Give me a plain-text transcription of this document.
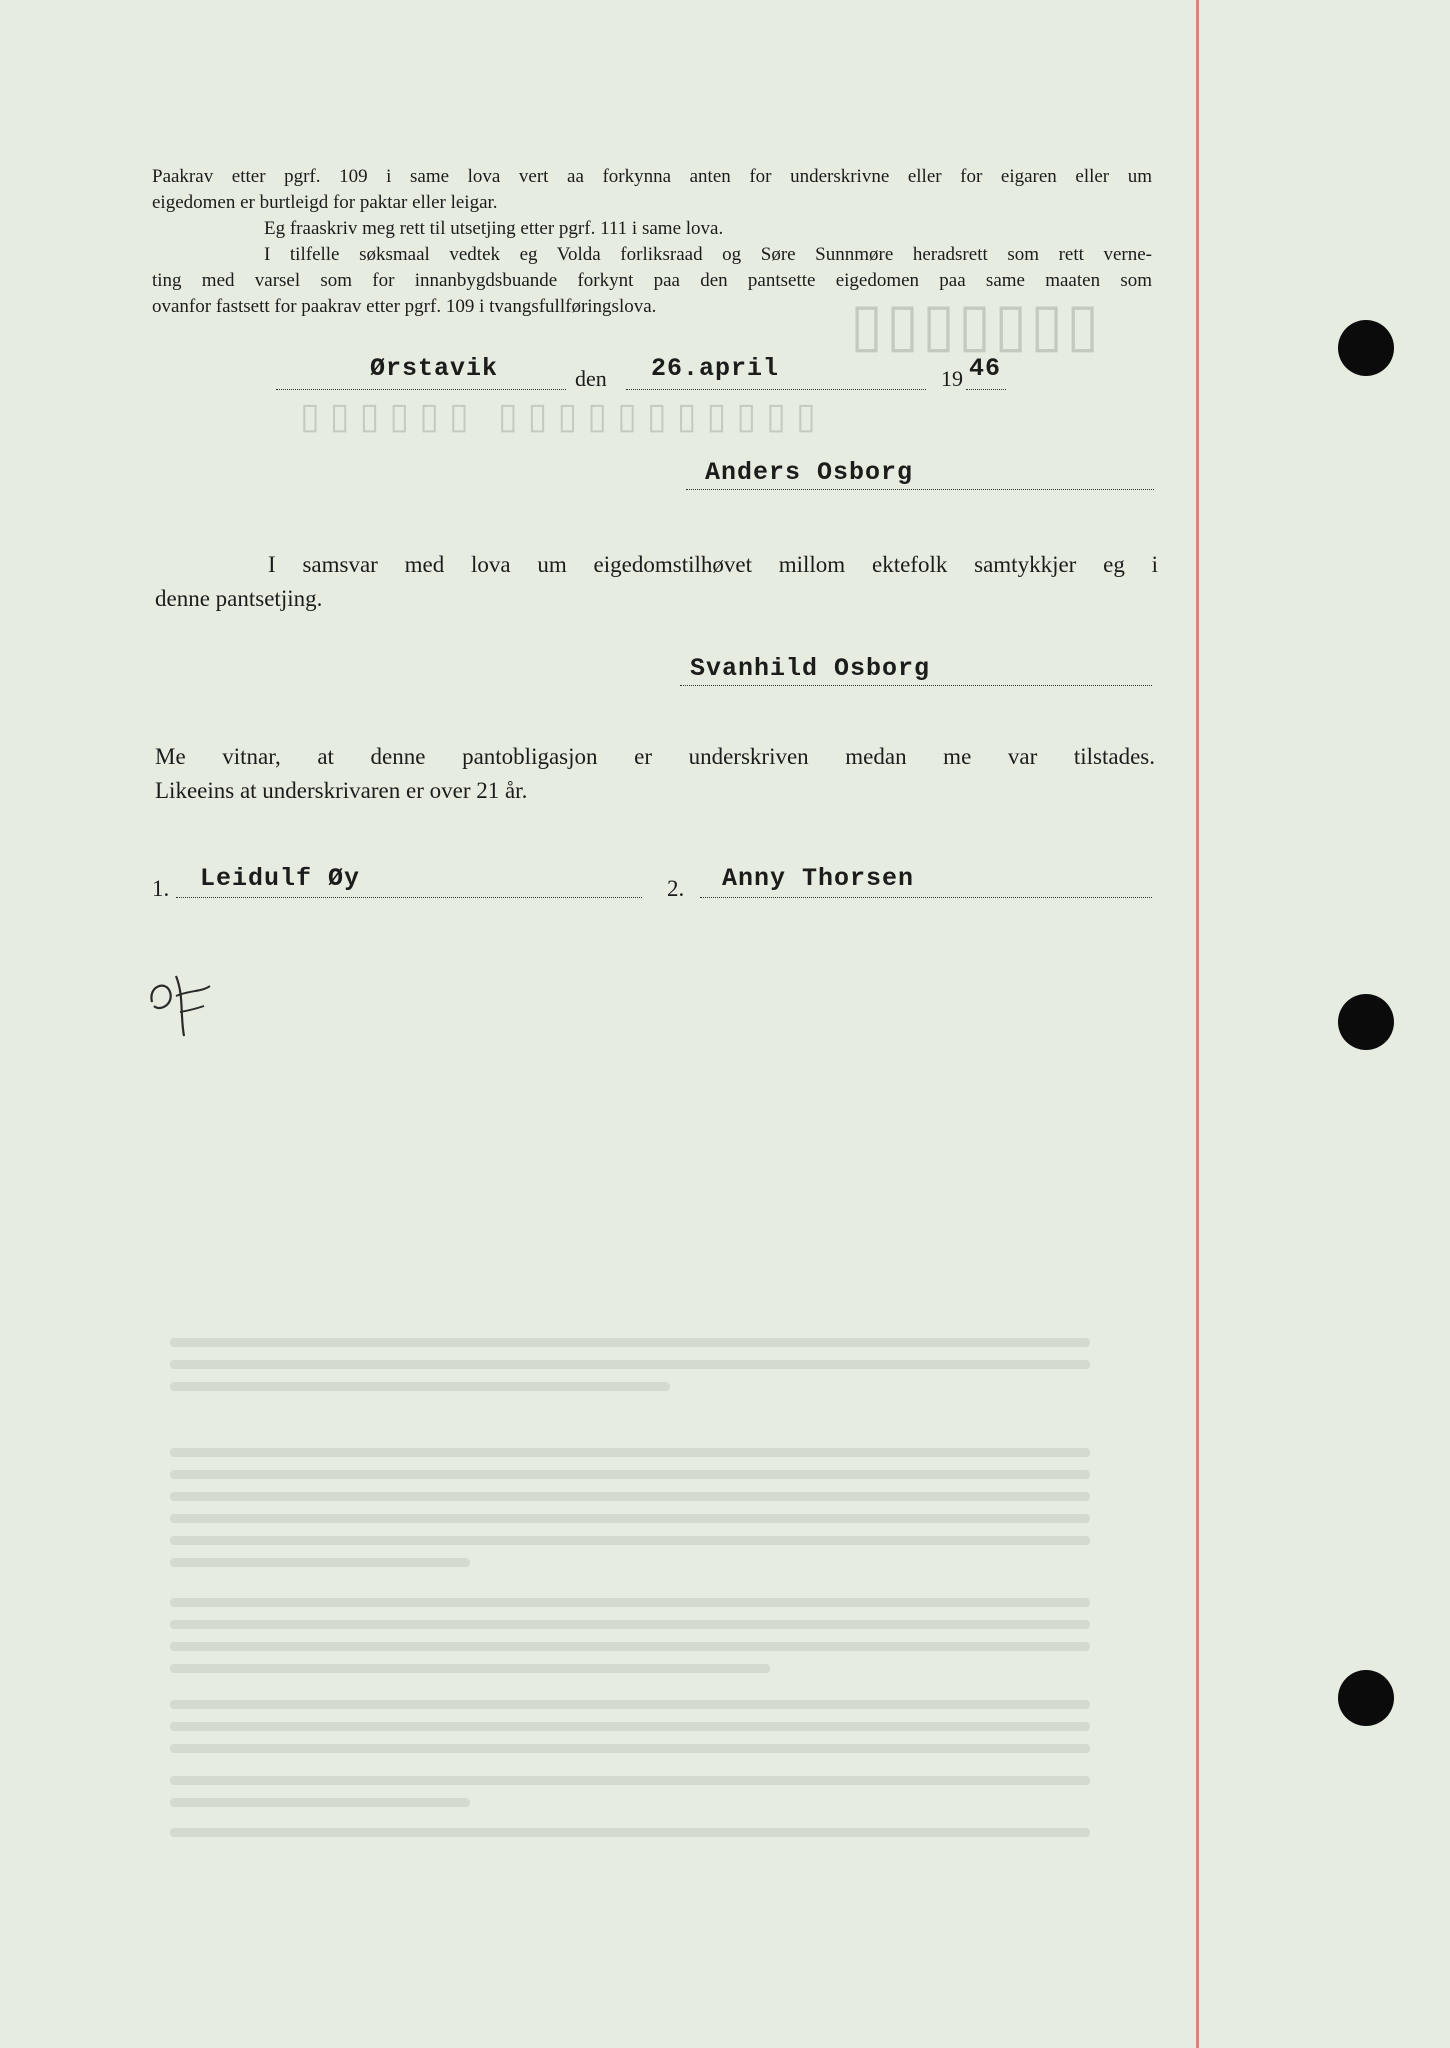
▯▯▯▯▯▯▯
▯▯▯▯▯▯ ▯▯▯▯▯▯▯▯▯▯▯
Paakrav etter pgrf. 109 i same lova vert aa forkynna anten for underskrivne eller for eigaren eller um
eigedomen er burtleigd for paktar eller leigar.
Eg fraaskriv meg rett til utsetjing etter pgrf. 111 i same lova.
I tilfelle søksmaal vedtek eg Volda forliksraad og Søre Sunnmøre heradsrett som rett verne-
ting med varsel som for innanbygdsbuande forkynt paa den pantsette eigedomen paa same maaten som
ovanfor fastsett for paakrav etter pgrf. 109 i tvangsfullføringslova.
Ørstavik	den 26.april	19 46
Anders Osborg
I samsvar med lova um eigedomstilhøvet millom ektefolk samtykkjer eg i
denne pantsetjing.
Svanhild Osborg
Me vitnar, at denne pantobligasjon er underskriven medan me var tilstades.
Likeeins at underskrivaren er over 21 år.
1. Leidulf Øy	2. Anny Thorsen
